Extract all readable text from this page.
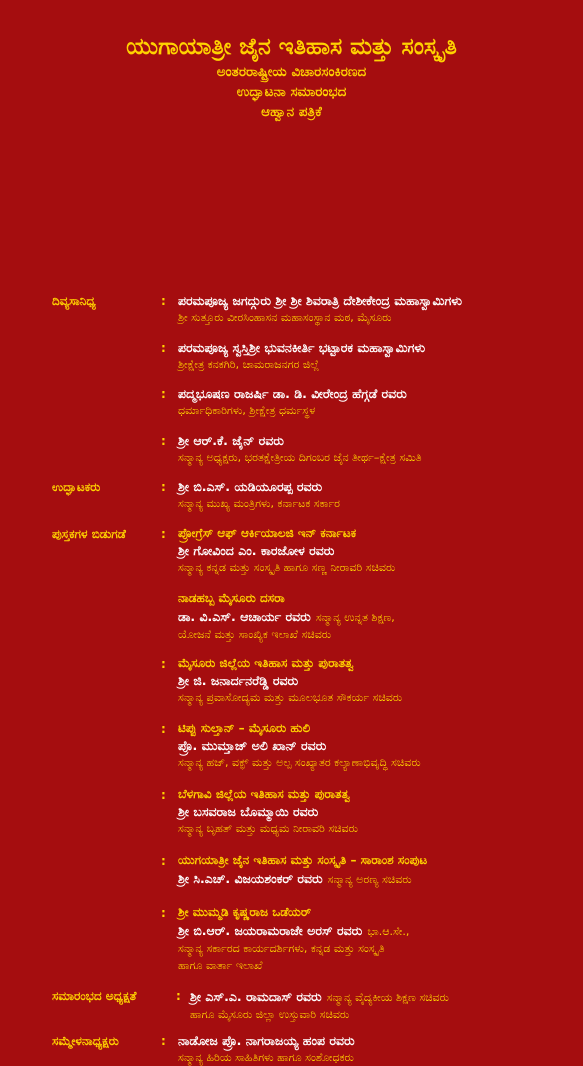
ಯುಗಾಯಾತ್ರೀ ಜೈನ ಇತಿಹಾಸ ಮತ್ತು ಸಂಸ್ಕೃತಿ
ಅಂತರರಾಷ್ಟ್ರೀಯ ವಿಚಾರಸಂಕಿರಣದ
ಉದ್ಘಾಟನಾ ಸಮಾರಂಭದ
ಆಹ್ವಾನ ಪತ್ರಿಕೆ
ದಿವ್ಯಸಾನಿಧ್ಯ	: ಪರಮಪೂಜ್ಯ ಜಗದ್ಗುರು ಶ್ರೀ ಶ್ರೀ ಶಿವರಾತ್ರಿ ದೇಶೀಕೇಂದ್ರ ಮಹಾಸ್ವಾಮಿಗಳು
ಶ್ರೀ ಸುತ್ತೂರು ವೀರಸಿಂಹಾಸನ ಮಹಾಸಂಸ್ಥಾನ ಮಠ, ಮೈಸೂರು
: ಪರಮಪೂಜ್ಯ ಸ್ವಸ್ತಿಶ್ರೀ ಭುವನಕೀರ್ತಿ ಭಟ್ಟಾರಕ ಮಹಾಸ್ವಾಮಿಗಳು
ಶ್ರೀಕ್ಷೇತ್ರ ಕನಕಗಿರಿ, ಚಾಮರಾಜನಗರ ಜಿಲ್ಲೆ
: ಪದ್ಮಭೂಷಣ ರಾಜರ್ಷಿ ಡಾ. ಡಿ. ವೀರೇಂದ್ರ ಹೆಗ್ಗಡೆ ರವರು
ಧರ್ಮಾಧಿಕಾರಿಗಳು, ಶ್ರೀಕ್ಷೇತ್ರ ಧರ್ಮಸ್ಥಳ
: ಶ್ರೀ ಆರ್.ಕೆ. ಜೈನ್ ರವರು
ಸನ್ಮಾನ್ಯ ಅಧ್ಯಕ್ಷರು, ಭರತಕ್ಷೇತ್ರೀಯ ದಿಗಂಬರ ಜೈನ ತೀರ್ಥ–ಕ್ಷೇತ್ರ ಸಮಿತಿ
ಉದ್ಘಾಟಕರು	: ಶ್ರೀ ಬಿ.ಎಸ್. ಯಡಿಯೂರಪ್ಪ ರವರು
ಸನ್ಮಾನ್ಯ ಮುಖ್ಯ ಮಂತ್ರಿಗಳು, ಕರ್ನಾಟಕ ಸರ್ಕಾರ
ಪುಸ್ತಕಗಳ ಬಿಡುಗಡೆ	: ಪ್ರೋಗ್ರೆಸ್ ಆಫ್ ಆರ್ಕಿಯಾಲಜಿ ಇನ್ ಕರ್ನಾಟಕ
ಶ್ರೀ ಗೋವಿಂದ ಎಂ. ಕಾರಜೋಳ ರವರು
ಸನ್ಮಾನ್ಯ ಕನ್ನಡ ಮತ್ತು ಸಂಸ್ಕೃತಿ ಹಾಗೂ ಸಣ್ಣ ನೀರಾವರಿ ಸಚಿವರು
ನಾಡಹಬ್ಬ ಮೈಸೂರು ದಸರಾ
ಡಾ. ವಿ.ಎಸ್. ಆಚಾರ್ಯ ರವರು ಸನ್ಮಾನ್ಯ ಉನ್ನತ ಶಿಕ್ಷಣ,
ಯೋಜನೆ ಮತ್ತು ಸಾಂಖ್ಯಿಕ ಇಲಾಖೆ ಸಚಿವರು
: ಮೈಸೂರು ಜಿಲ್ಲೆಯ ಇತಿಹಾಸ ಮತ್ತು ಪುರಾತತ್ವ
ಶ್ರೀ ಜಿ. ಜನಾರ್ದನರೆಡ್ಡಿ ರವರು
ಸನ್ಮಾನ್ಯ ಪ್ರವಾಸೋದ್ಯಮ ಮತ್ತು ಮೂಲಭೂತ ಸೌಕರ್ಯ ಸಚಿವರು
: ಟಿಪ್ಪು ಸುಲ್ತಾನ್ – ಮೈಸೂರು ಹುಲಿ
ಪ್ರೊ. ಮುಮ್ತಾಜ್ ಅಲಿ ಖಾನ್ ರವರು
ಸನ್ಮಾನ್ಯ ಹಜ್, ವಕ್ಫ್ ಮತ್ತು ಅಲ್ಪ ಸಂಖ್ಯಾತರ ಕಲ್ಯಾಣಾಭಿವೃದ್ಧಿ ಸಚಿವರು
: ಬೆಳಗಾವಿ ಜಿಲ್ಲೆಯ ಇತಿಹಾಸ ಮತ್ತು ಪುರಾತತ್ವ
ಶ್ರೀ ಬಸವರಾಜ ಬೊಮ್ಮಾಯಿ ರವರು
ಸನ್ಮಾನ್ಯ ಬೃಹತ್ ಮತ್ತು ಮಧ್ಯಮ ನೀರಾವರಿ ಸಚಿವರು
: ಯುಗಯಾತ್ರೀ ಜೈನ ಇತಿಹಾಸ ಮತ್ತು ಸಂಸ್ಕೃತಿ – ಸಾರಾಂಶ ಸಂಪುಟ
ಶ್ರೀ ಸಿ.ಎಚ್. ವಿಜಯಶಂಕರ್ ರವರು ಸನ್ಮಾನ್ಯ ಅರಣ್ಯ ಸಚಿವರು
: ಶ್ರೀ ಮುಮ್ಮಡಿ ಕೃಷ್ಣರಾಜ ಒಡೆಯರ್
ಶ್ರೀ ಬಿ.ಆರ್. ಜಯರಾಮರಾಜೇ ಅರಸ್ ರವರು ಭಾ.ಆ.ಸೇ.,
ಸನ್ಮಾನ್ಯ ಸರ್ಕಾರದ ಕಾರ್ಯದರ್ಶಿಗಳು, ಕನ್ನಡ ಮತ್ತು ಸಂಸ್ಕೃತಿ
ಹಾಗೂ ವಾರ್ತಾ ಇಲಾಖೆ
ಸಮಾರಂಭದ ಅಧ್ಯಕ್ಷತೆ	: ಶ್ರೀ ಎಸ್.ಎ. ರಾಮದಾಸ್ ರವರು ಸನ್ಮಾನ್ಯ ವೈದ್ಯಕೀಯ ಶಿಕ್ಷಣ ಸಚಿವರು
ಹಾಗೂ ಮೈಸೂರು ಜಿಲ್ಲಾ ಉಸ್ತುವಾರಿ ಸಚಿವರು
ಸಮ್ಮೇಳನಾಧ್ಯಕ್ಷರು	: ನಾಡೋಜ ಪ್ರೊ. ನಾಗರಾಜಯ್ಯ ಹಂಪ ರವರು
ಸನ್ಮಾನ್ಯ ಹಿರಿಯ ಸಾಹಿತಿಗಳು ಹಾಗೂ ಸಂಶೋಧಕರು
